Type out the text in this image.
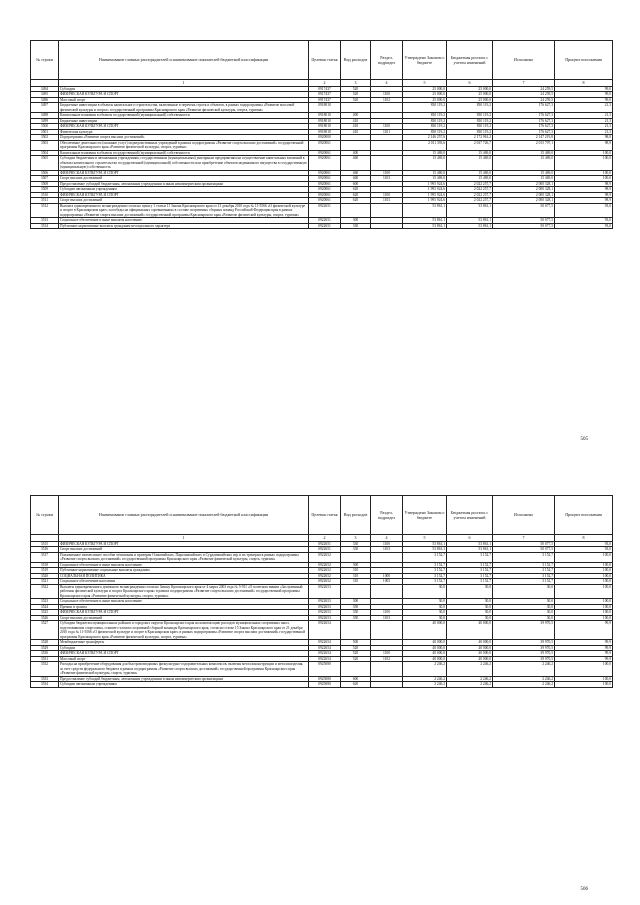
№ строки	Наименование главных распорядителей и наименование показателей бюджетной классификации	Целевая статья	Вид расходов	Раздел, подраздел	Утверждено Законом о бюджете	Бюджетная роспись с учетом изменений	Исполнено	Процент исполнения
	1	2	3	4	5	6	7	8
3494	Субсидии	0917437	520		25 000,0	25 000,0	24 259,5	99,0
3495	ФИЗИЧЕСКАЯ КУЛЬТУРА И СПОРТ	0917437	520	1100	25 000,0	25 000,0	24 259,5	99,0
3496	Массовый спорт	0917437	520	1102	25 000,0	25 000,0	24 259,5	99,0
3497	Бюджетные инвестиции в объекты капитального строительства, включенные в перечень строек и объектов, в рамках подпрограммы «Развитие массовой физической культуры и спорта» государственной программы Красноярского края «Развитие физической культуры, спорта, туризма»	0918010			830 119,2	830 119,2	176 627,3	21,3
3498	Капитальные вложения в объекты государственной (муниципальной) собственности	0918010	400		830 119,2	830 119,2	176 627,3	21,3
3499	Бюджетные инвестиции	0918010	410		830 119,2	830 119,2	176 627,3	21,3
3500	ФИЗИЧЕСКАЯ КУЛЬТУРА И СПОРТ	0918010	410	1100	830 119,2	830 119,2	176 627,3	21,3
3501	Физическая культура	0918010	410	1101	830 119,2	830 119,2	176 627,3	21,3
3502	Подпрограмма «Развитие спорта высших достижений»	0920000			2 146 257,6	2 172 961,2	2 147 219,8	98,8
3503	Обеспечение деятельности (оказание услуг) подведомственных учреждений в рамках подпрограммы «Развитие спорта высших достижений» государственной программы Красноярского края «Развитие физической культуры, спорта, туризма»	0920061			2 011 393,6	2 037 726,7	2 015 797,1	98,9
3504	Капитальные вложения в объекты государственной (муниципальной) собственности	0920061	400		15 469,0	15 469,0	15 469,0	100,0
3505	Субсидии бюджетным и автономным учреждениям, государственным (муниципальным) унитарным предприятиям на осуществление капитальных вложений в объекты капитального строительства государственной (муниципальной) собственности или приобретение объектов недвижимого имущества в государственную (муниципальную) собственность	0920061	460		15 469,0	15 469,0	15 469,0	100,0
3506	ФИЗИЧЕСКАЯ КУЛЬТУРА И СПОРТ	0920061	460	1100	15 469,0	15 469,0	15 469,0	100,0
3507	Спорт высших достижений	0920061	460	1103	15 469,0	15 469,0	15 469,0	100,0
3508	Предоставление субсидий бюджетным, автономным учреждениям и иным некоммерческим организациям	0920061	600		1 995 924,6	2 022 257,7	2 000 328,1	98,9
3509	Субсидии автономным учреждениям	0920061	620		1 995 924,6	2 022 257,7	2 000 328,1	98,9
3510	ФИЗИЧЕСКАЯ КУЛЬТУРА И СПОРТ	0920061	620	1100	1 995 924,6	2 022 257,7	2 000 328,1	98,9
3511	Спорт высших достижений	0920061	620	1103	1 995 924,6	2 022 257,7	2 000 328,1	98,9
3512	Выплата единовременного вознаграждения согласно пункту 1 статьи 11 Закона Красноярского края от 21 декабря 2010 года № 11-5566 «О физической культуре и спорте в Красноярском крае» за победы на официальных соревнованиях в составе спортивных сборных команд Российской Федерации края в рамках подпрограммы «Развитие спорта высших достижений» государственной программы Красноярского края «Развитие физической культуры, спорта, туризма»	0922651			53 861,1	53 861,1	50 077,5	93,0
3513	Социальное обеспечение и иные выплаты населению	0922651	300		53 861,1	53 861,1	50 077,5	93,0
3514	Публичные нормативные выплаты гражданам несоциального характера	0922651	330		53 861,1	53 861,1	50 077,5	93,0
505
№ строки	Наименование главных распорядителей и наименование показателей бюджетной классификации	Целевая статья	Вид расходов	Раздел, подраздел	Утверждено Законом о бюджете	Бюджетная роспись с учетом изменений	Исполнено	Процент исполнения
	1	2	3	4	5	6	7	8
3515	ФИЗИЧЕСКАЯ КУЛЬТУРА И СПОРТ	0922651	330	1100	53 861,1	53 861,1	50 077,5	93,0
3516	Спорт высших достижений	0922651	330	1103	53 861,1	53 861,1	50 077,5	93,0
3517	Пожизненное ежемесячное пособие чемпионам и призерам Олимпийских, Паралимпийских и Сурдлимпийских игр и их тренерам в рамках подпрограммы «Развитие спорта высших достижений» государственной программы Красноярского края «Развитие физической культуры, спорта, туризма»	0922652			3 152,7	3 152,7	3 152,7	100,0
3518	Социальное обеспечение и иные выплаты населению	0922652	300		3 152,7	3 152,7	3 152,7	100,0
3519	Публичные нормативные социальные выплаты гражданам	0922652	310		3 152,7	3 152,7	3 152,7	100,0
3520	СОЦИАЛЬНАЯ ПОЛИТИКА	0922652	310	1000	3 152,7	3 152,7	3 152,7	100,0
3521	Социальное обеспечение населения	0922652	310	1003	3 152,7	3 152,7	3 152,7	100,0
3522	Выплаты единовременного денежного вознаграждения согласно Закону Красноярского края от 4 марта 2003 года № 5-911 «О почетном звании «Заслуженный работник физической культуры и спорта Красноярского края» в рамках подпрограммы «Развитие спорта высших достижений» государственной программы Красноярского края «Развитие физической культуры, спорта, туризма»	0922653			30,0	30,0	30,0	100,0
3523	Социальное обеспечение и иные выплаты населению	0922653	300		30,0	30,0	30,0	100,0
3524	Премии и гранты	0922653	350		30,0	30,0	30,0	100,0
3525	ФИЗИЧЕСКАЯ КУЛЬТУРА И СПОРТ	0922653	350	1100	30,0	30,0	30,0	100,0
3526	Спорт высших достижений	0922653	350	1103	30,0	30,0	30,0	100,0
3527	Субсидии бюджетам муниципальных районов и городских округов Красноярского края на компенсацию расходов муниципальных спортивных школ, подготовившим спортсмена, ставшего членом спортивной сборной команды Красноярского края, согласно статье 15 Закона Красноярского края от 21 декабря 2010 года № 11-5566 «О физической культуре и спорте в Красноярском крае» в рамках подпрограммы «Развитие спорта высших достижений» государственной программы Красноярского края «Развитие физической культуры, спорта, туризма»	0922654			40 000,0	40 000,0	39 970,5	99,9
3528	Межбюджетные трансферты	0922654	500		40 000,0	40 000,0	39 970,5	99,9
3529	Субсидии	0922654	520		40 000,0	40 000,0	39 970,5	99,9
3530	ФИЗИЧЕСКАЯ КУЛЬТУРА И СПОРТ	0922654	520	1100	40 000,0	40 000,0	39 970,5	99,9
3531	Массовый спорт	0922654	520	1102	40 000,0	40 000,0	39 970,5	99,9
3532	Расходы на приобретение оборудования для быстровозводимых физкультурно-оздоровительных комплексов, включая металлоконструкции и металлоизделия, за счет средств федерального бюджета в рамках подпрограммы «Развитие спорта высших достижений» государственной программы Красноярского края «Развитие физической культуры, спорта, туризма»	0925080			2 246,2	2 246,2	2 246,2	100,0
3533	Предоставление субсидий бюджетным, автономным учреждениям и иным некоммерческим организациям	0925080	600		2 246,2	2 246,2	2 246,2	100,0
3534	Субсидии автономным учреждениям	0925080	620		2 246,2	2 246,2	2 246,2	100,0
506
